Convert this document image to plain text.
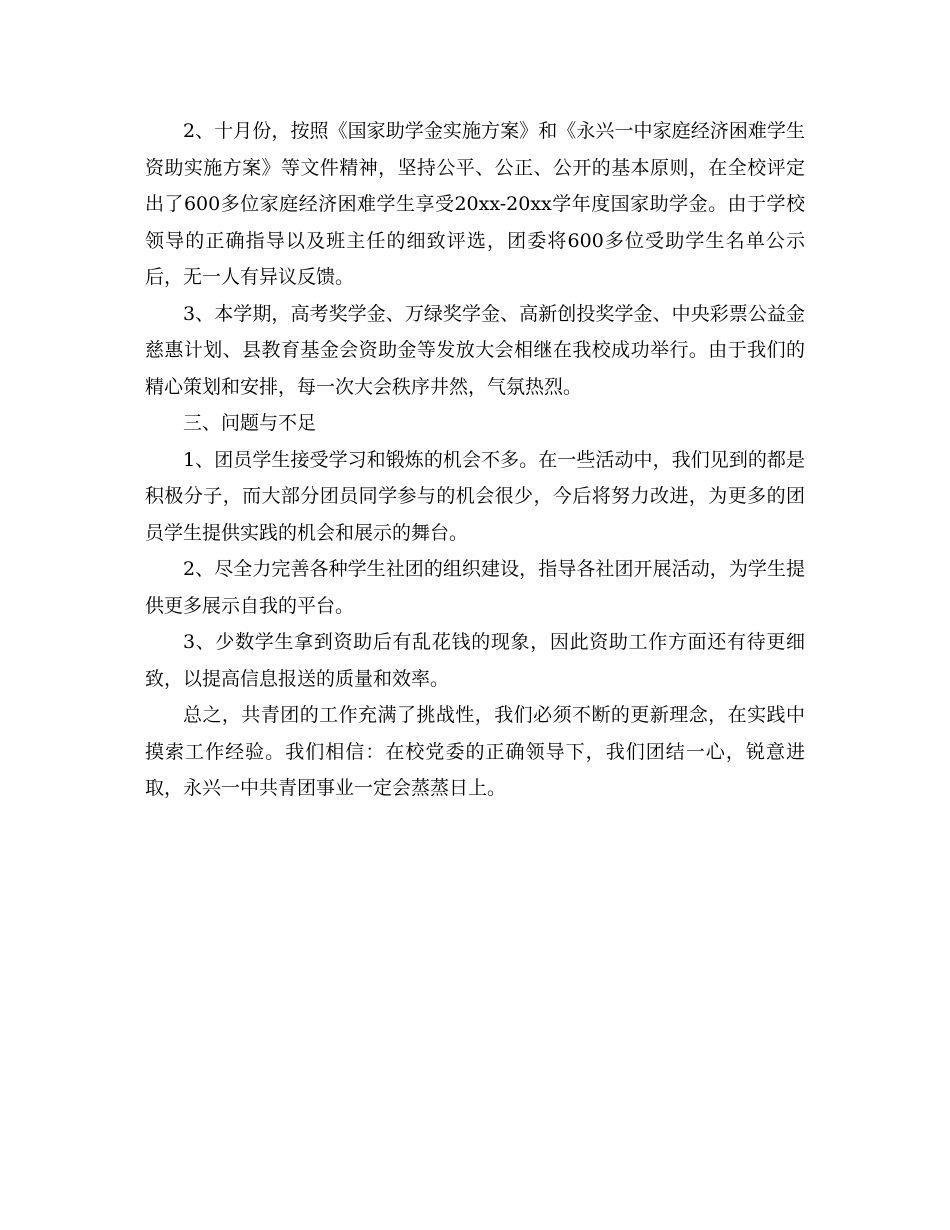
2、十月份，按照《国家助学金实施方案》和《永兴一中家庭经济困难学生资助实施方案》等文件精神，坚持公平、公正、公开的基本原则，在全校评定出了600多位家庭经济困难学生享受20xx-20xx学年度国家助学金。由于学校领导的正确指导以及班主任的细致评选，团委将600多位受助学生名单公示后，无一人有异议反馈。

3、本学期，高考奖学金、万绿奖学金、高新创投奖学金、中央彩票公益金慈惠计划、县教育基金会资助金等发放大会相继在我校成功举行。由于我们的精心策划和安排，每一次大会秩序井然，气氛热烈。

三、问题与不足

1、团员学生接受学习和锻炼的机会不多。在一些活动中，我们见到的都是积极分子，而大部分团员同学参与的机会很少，今后将努力改进，为更多的团员学生提供实践的机会和展示的舞台。

2、尽全力完善各种学生社团的组织建设，指导各社团开展活动，为学生提供更多展示自我的平台。

3、少数学生拿到资助后有乱花钱的现象，因此资助工作方面还有待更细致，以提高信息报送的质量和效率。

总之，共青团的工作充满了挑战性，我们必须不断的更新理念，在实践中摸索工作经验。我们相信：在校党委的正确领导下，我们团结一心，锐意进取，永兴一中共青团事业一定会蒸蒸日上。
